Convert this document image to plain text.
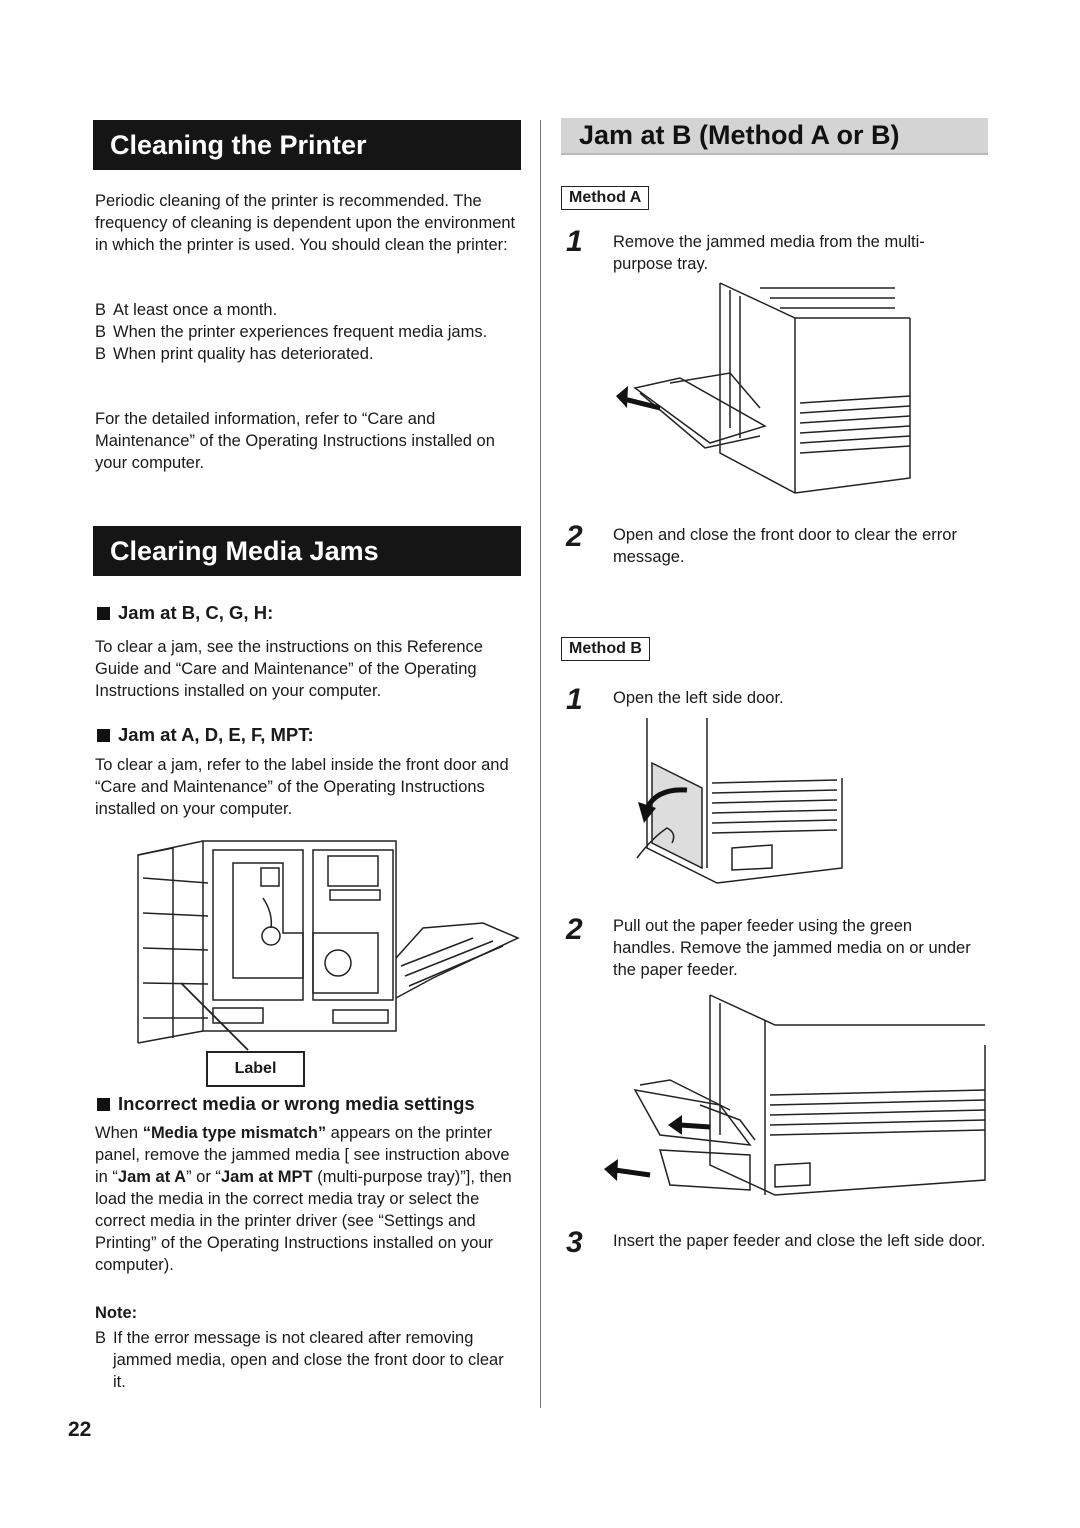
Cleaning the Printer

Periodic cleaning of the printer is recommended. The frequency of cleaning is dependent upon the environment in which the printer is used. You should clean the printer:

B At least once a month.
B When the printer experiences frequent media jams.
B When print quality has deteriorated.

For the detailed information, refer to “Care and Maintenance” of the Operating Instructions installed on your computer.

Clearing Media Jams
Jam at B, C, G, H:

To clear a jam, see the instructions on this Reference Guide and “Care and Maintenance” of the Operating Instructions installed on your computer.

Jam at A, D, E, F, MPT:

To clear a jam, refer to the label inside the front door and “Care and Maintenance” of the Operating Instructions installed on your computer.

Label
Incorrect media or wrong media settings

When “Media type mismatch” appears on the printer panel, remove the jammed media [ see instruction above in “Jam at A” or “Jam at MPT (multi-purpose tray)”], then load the media in the correct media tray or select the correct media in the printer driver (see “Settings and Printing” of the Operating Instructions installed on your computer).

Note:
B If the error message is not cleared after removing jammed media, open and close the front door to clear it.
Jam at B (Method A or B)
Method A
1 Remove the jammed media from the multi-purpose tray.

2 Open and close the front door to clear the error message.

Method B
1 Open the left side door.

2 Pull out the paper feeder using the green handles. Remove the jammed media on or under the paper feeder.

3 Insert the paper feeder and close the left side door.

22
